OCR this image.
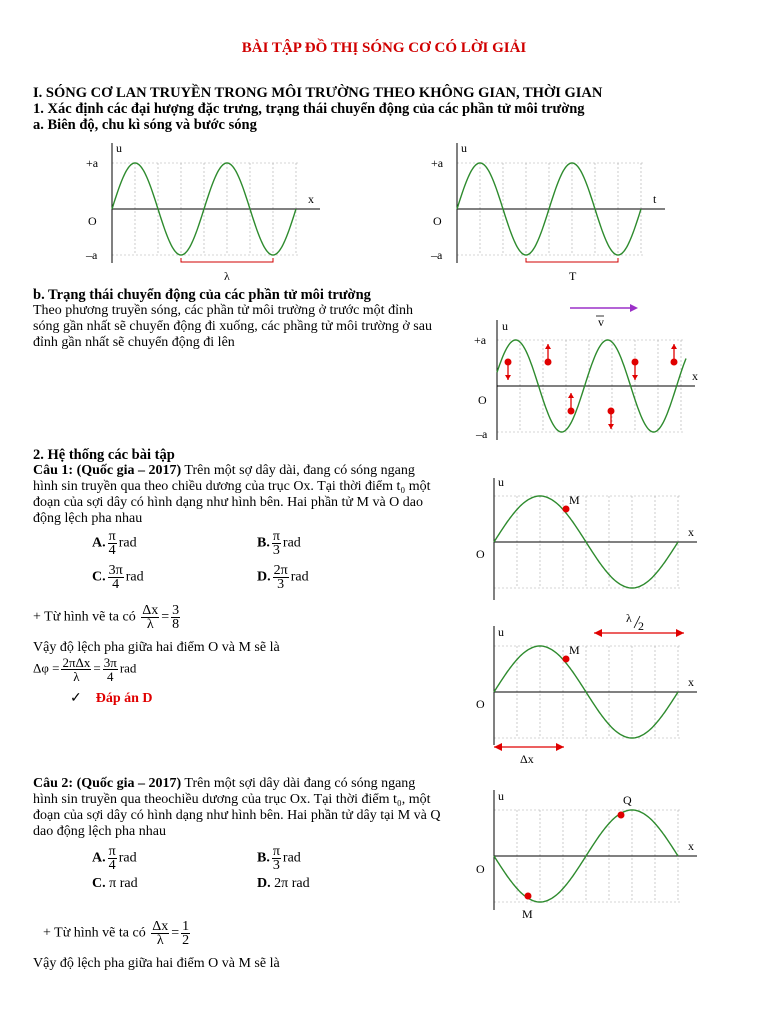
BÀI TẬP ĐỒ THỊ SÓNG CƠ CÓ LỜI GIẢI
I. SÓNG CƠ LAN TRUYỀN TRONG MÔI TRƯỜNG THEO KHÔNG GIAN, THỜI GIAN
1. Xác định các đại hượng đặc trưng, trạng thái chuyển động của các phần tử môi trường
a. Biên độ, chu kì sóng và bước sóng
u
+a
O
–a
x
λ
u
+a
O
–a
t
T
b. Trạng thái chuyển động của các phần tử môi trường
Theo phương truyền sóng, các phần tử môi trường ở trước một đỉnh
sóng gần nhất sẽ chuyển động đi xuống, các phầng tử môi trường ở sau
đỉnh gần nhất sẽ chuyển động đi lên
v
u
+a
O
–a
x
2. Hệ thống các bài tập
Câu 1: (Quốc gia – 2017) Trên một sợ dây dài, đang có sóng ngang
hình sin truyền qua theo chiều dương của trục Ox. Tại thời điểm t₀ một
đoạn của sợi dây có hình dạng như hình bên. Hai phần tử M và O dao
động lệch pha nhau
A. $\frac{\pi}{4}$ rad	B. $\frac{\pi}{3}$ rad
C. $\frac{3\pi}{4}$ rad	D. $\frac{2\pi}{3}$ rad
+ Từ hình vẽ ta có $\frac{\Delta x}{\lambda} = \frac{3}{8}$
Vậy độ lệch pha giữa hai điểm O và M sẽ là
$\Delta\varphi = \frac{\text{2πΔx}}{\lambda} = \frac{3\pi}{4}$ rad
✓ Đáp án D
M
u
O
x
λ
2
M
u
O
x
Δx
Câu 2: (Quốc gia – 2017) Trên một sợi dây dài đang có sóng ngang
hình sin truyền qua theochiều dương của trục Ox. Tại thời điểm t₀, một
đoạn của sợi dây có hình dạng như hình bên. Hai phần tử dây tại M và Q
dao động lệch pha nhau
A. $\frac{\pi}{4}$ rad	B. $\frac{\pi}{3}$ rad
C. π rad	D. 2π rad
+ Từ hình vẽ ta có $\frac{\Delta x}{\lambda} = \frac{1}{2}$
Vậy độ lệch pha giữa hai điểm O và M sẽ là
M
Q
u
O
x
